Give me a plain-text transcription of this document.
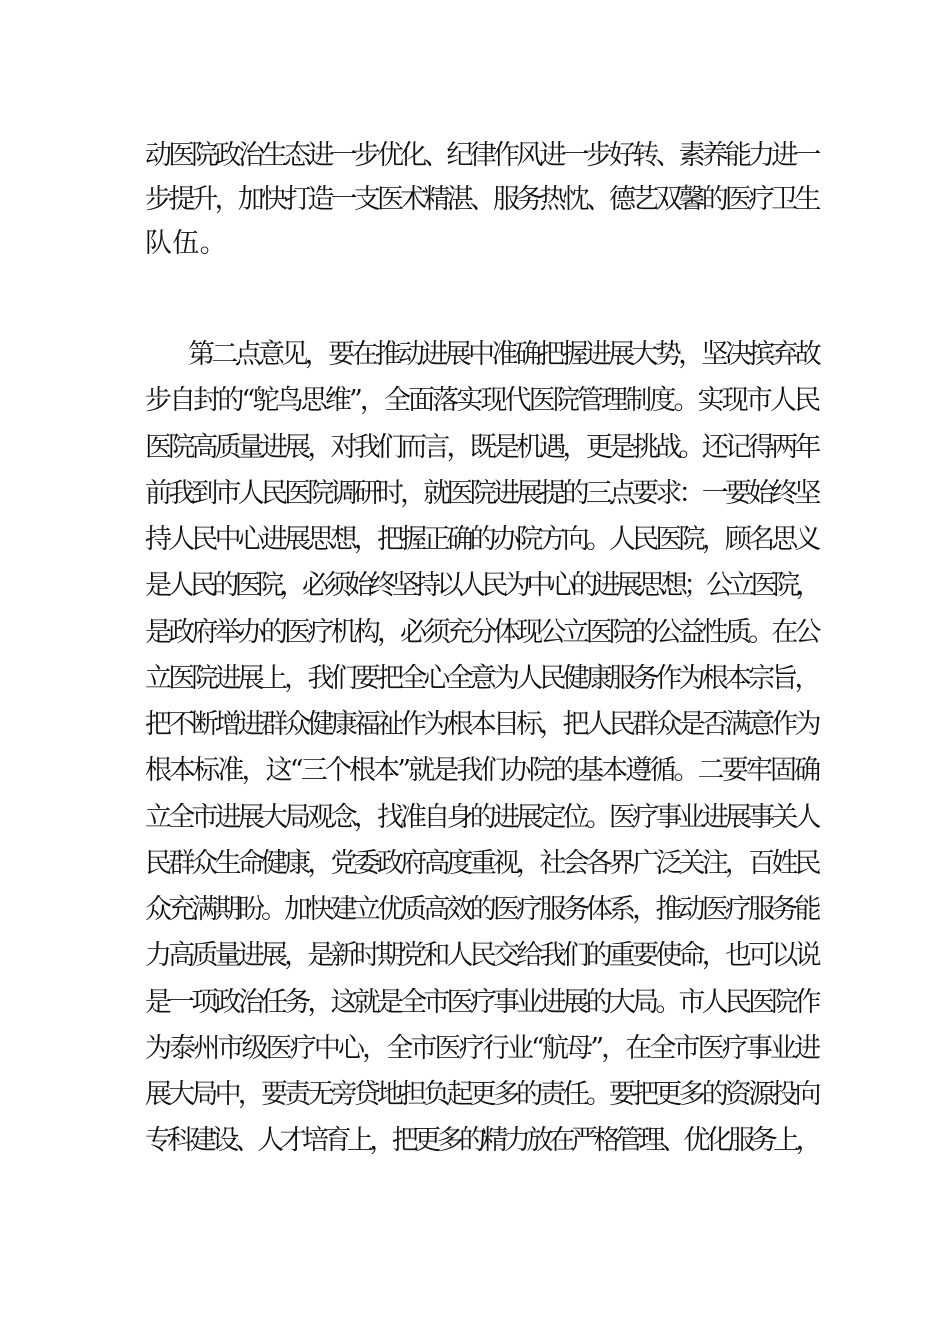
动医院政治生态进一步优化、纪律作风进一步好转、素养能力进一
步提升，加快打造一支医术精湛、服务热忱、德艺双馨的医疗卫生
队伍。
第二点意见，要在推动进展中准确把握进展大势，坚决摈弃故
步自封的“鸵鸟思维”，全面落实现代医院管理制度。实现市人民
医院高质量进展，对我们而言，既是机遇，更是挑战。还记得两年
前我到市人民医院调研时，就医院进展提的三点要求：一要始终坚
持人民中心进展思想，把握正确的办院方向。人民医院，顾名思义
是人民的医院，必须始终坚持以人民为中心的进展思想；公立医院，
是政府举办的医疗机构，必须充分体现公立医院的公益性质。在公
立医院进展上，我们要把全心全意为人民健康服务作为根本宗旨，
把不断增进群众健康福祉作为根本目标，把人民群众是否满意作为
根本标准，这“三个根本”就是我们办院的基本遵循。二要牢固确
立全市进展大局观念，找准自身的进展定位。医疗事业进展事关人
民群众生命健康，党委政府高度重视，社会各界广泛关注，百姓民
众充满期盼。加快建立优质高效的医疗服务体系，推动医疗服务能
力高质量进展，是新时期党和人民交给我们的重要使命，也可以说
是一项政治任务，这就是全市医疗事业进展的大局。市人民医院作
为泰州市级医疗中心，全市医疗行业“航母”，在全市医疗事业进
展大局中，要责无旁贷地担负起更多的责任。要把更多的资源投向
专科建设、人才培育上，把更多的精力放在严格管理、优化服务上，
